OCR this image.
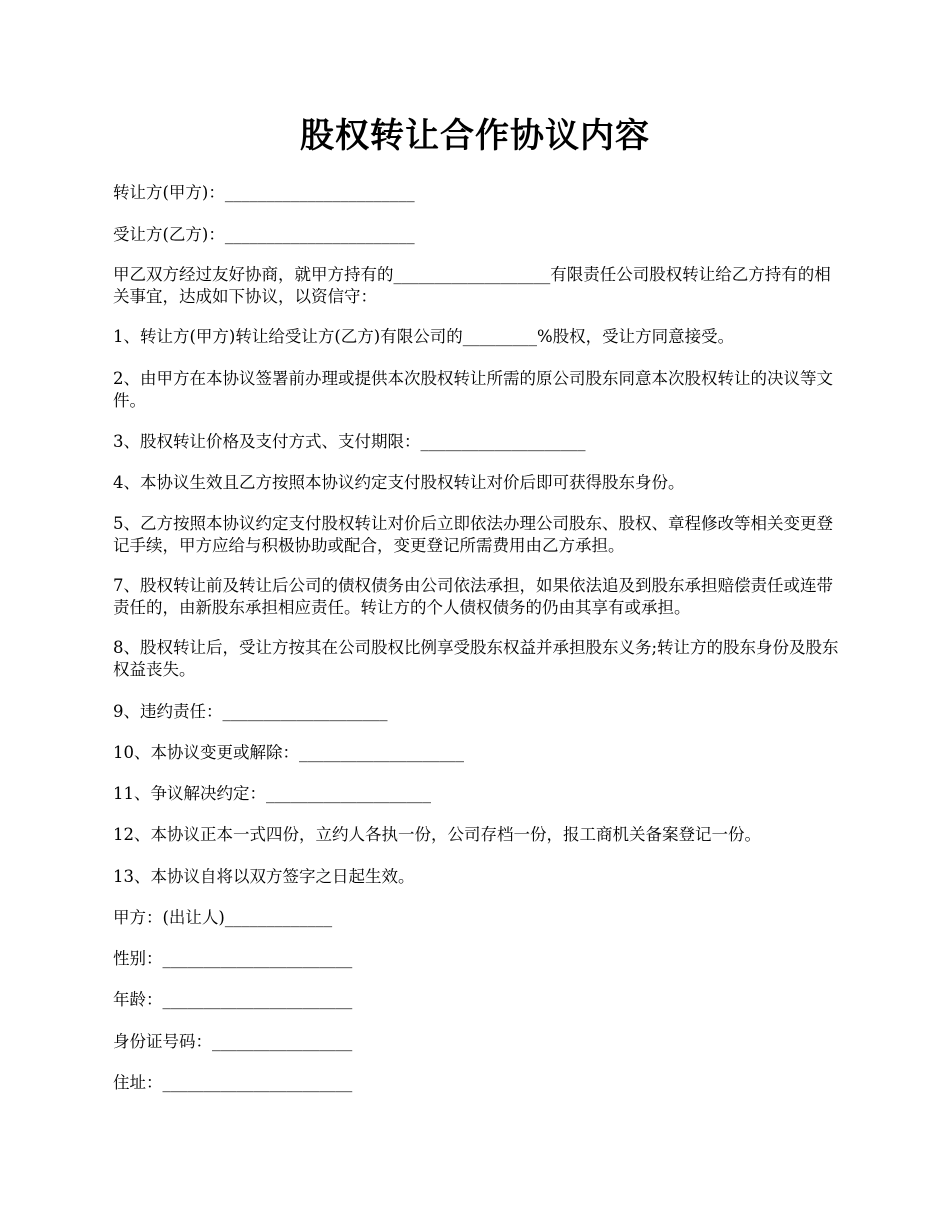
股权转让合作协议内容
转让方(甲方)：_______________________
受让方(乙方)：_______________________
甲乙双方经过友好协商，就甲方持有的___________________有限责任公司股权转让给乙方持有的相关事宜，达成如下协议，以资信守：
1、转让方(甲方)转让给受让方(乙方)有限公司的_________%股权，受让方同意接受。
2、由甲方在本协议签署前办理或提供本次股权转让所需的原公司股东同意本次股权转让的决议等文件。
3、股权转让价格及支付方式、支付期限：____________________
4、本协议生效且乙方按照本协议约定支付股权转让对价后即可获得股东身份。
5、乙方按照本协议约定支付股权转让对价后立即依法办理公司股东、股权、章程修改等相关变更登记手续，甲方应给与积极协助或配合，变更登记所需费用由乙方承担。
7、股权转让前及转让后公司的债权债务由公司依法承担，如果依法追及到股东承担赔偿责任或连带责任的，由新股东承担相应责任。转让方的个人债权债务的仍由其享有或承担。
8、股权转让后，受让方按其在公司股权比例享受股东权益并承担股东义务;转让方的股东身份及股东权益丧失。
9、违约责任：____________________
10、本协议变更或解除：____________________
11、争议解决约定：____________________
12、本协议正本一式四份，立约人各执一份，公司存档一份，报工商机关备案登记一份。
13、本协议自将以双方签字之日起生效。
甲方：(出让人)_____________
性别：_______________________
年龄：_______________________
身份证号码：_________________
住址：_______________________
